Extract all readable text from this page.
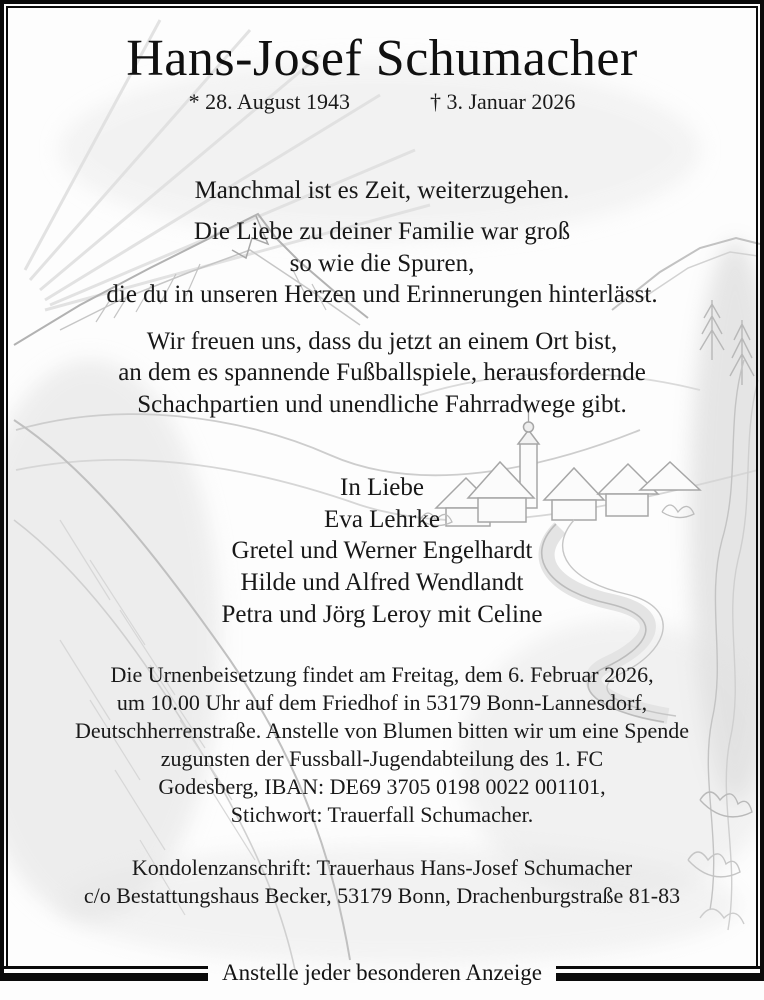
Hans-Josef Schumacher
* 28. August 1943	† 3. Januar 2026

Manchmal ist es Zeit, weiterzugehen.

Die Liebe zu deiner Familie war groß
so wie die Spuren,
die du in unseren Herzen und Erinnerungen hinterlässt.

Wir freuen uns, dass du jetzt an einem Ort bist,
an dem es spannende Fußballspiele, herausfordernde
Schachpartien und unendliche Fahrradwege gibt.

In Liebe
Eva Lehrke
Gretel und Werner Engelhardt
Hilde und Alfred Wendlandt
Petra und Jörg Leroy mit Celine

Die Urnenbeisetzung findet am Freitag, dem 6. Februar 2026,
um 10.00 Uhr auf dem Friedhof in 53179 Bonn-Lannesdorf,
Deutschherrenstraße. Anstelle von Blumen bitten wir um eine Spende
zugunsten der Fussball-Jugendabteilung des 1. FC
Godesberg, IBAN: DE69 3705 0198 0022 001101,
Stichwort: Trauerfall Schumacher.

Kondolenzanschrift: Trauerhaus Hans-Josef Schumacher
c/o Bestattungshaus Becker, 53179 Bonn, Drachenburgstraße 81-83

Anstelle jeder besonderen Anzeige
